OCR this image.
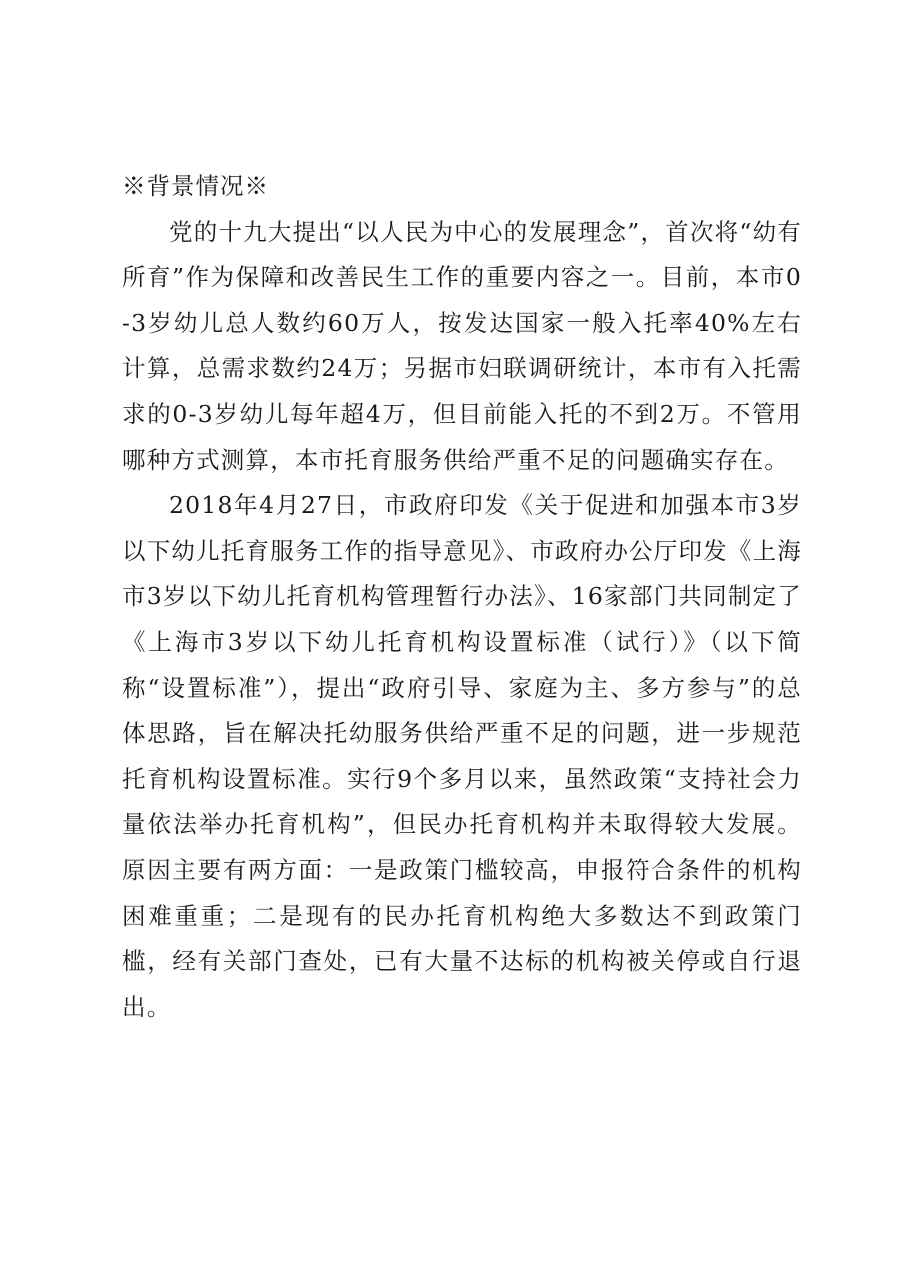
※背景情况※

党的十九大提出“以人民为中心的发展理念”，首次将“幼有所育”作为保障和改善民生工作的重要内容之一。目前，本市0-3岁幼儿总人数约60万人，按发达国家一般入托率40%左右计算，总需求数约24万；另据市妇联调研统计，本市有入托需求的0-3岁幼儿每年超4万，但目前能入托的不到2万。不管用哪种方式测算，本市托育服务供给严重不足的问题确实存在。

2018年4月27日，市政府印发《关于促进和加强本市3岁以下幼儿托育服务工作的指导意见》、市政府办公厅印发《上海市3岁以下幼儿托育机构管理暂行办法》、16家部门共同制定了《上海市3岁以下幼儿托育机构设置标准（试行）》（以下简称“设置标准”），提出“政府引导、家庭为主、多方参与”的总体思路，旨在解决托幼服务供给严重不足的问题，进一步规范托育机构设置标准。实行9个多月以来，虽然政策“支持社会力量依法举办托育机构”，但民办托育机构并未取得较大发展。原因主要有两方面：一是政策门槛较高，申报符合条件的机构困难重重；二是现有的民办托育机构绝大多数达不到政策门槛，经有关部门查处，已有大量不达标的机构被关停或自行退出。
